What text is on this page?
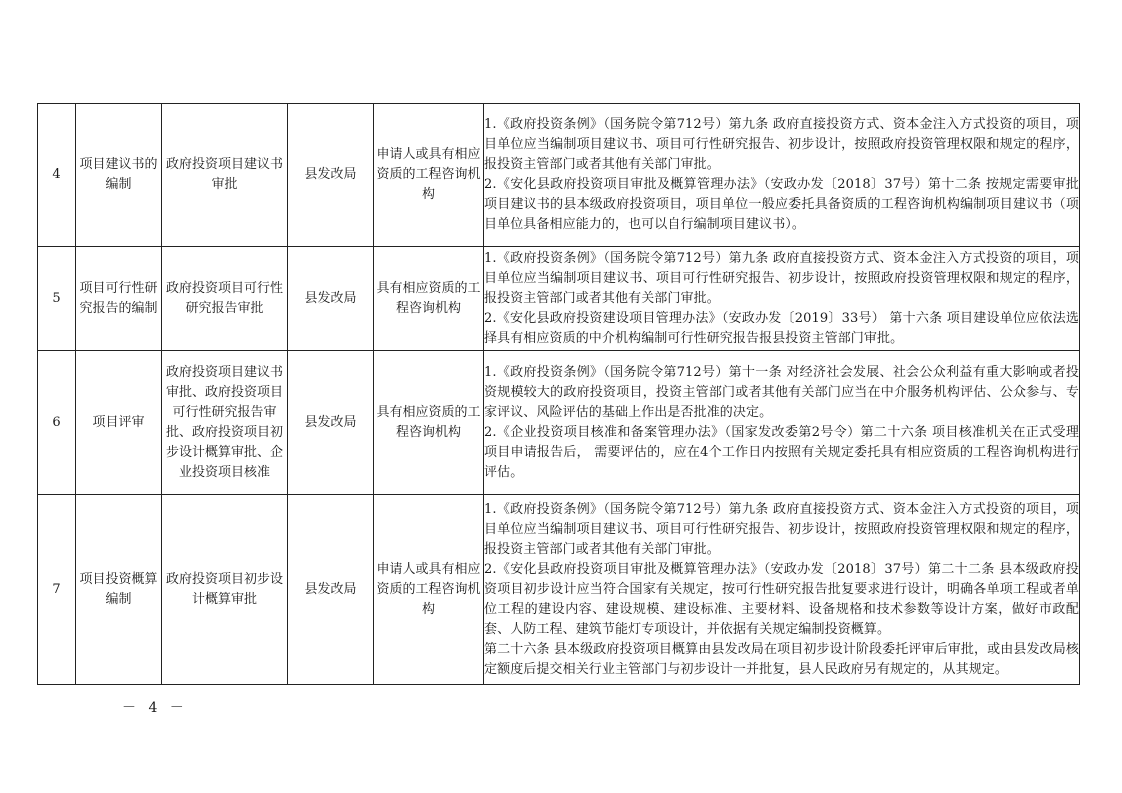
4	项目建议书的编制	政府投资项目建议书审批	县发改局	申请人或具有相应资质的工程咨询机构	1.《政府投资条例》（国务院令第712号）第九条 政府直接投资方式、资本金注入方式投资的项目，项目单位应当编制项目建议书、项目可行性研究报告、初步设计，按照政府投资管理权限和规定的程序，报投资主管部门或者其他有关部门审批。

2.《安化县政府投资项目审批及概算管理办法》（安政办发〔2018〕37号）第十二条 按规定需要审批项目建议书的县本级政府投资项目，项目单位一般应委托具备资质的工程咨询机构编制项目建议书（项目单位具备相应能力的，也可以自行编制项目建议书）。

5	项目可行性研究报告的编制	政府投资项目可行性研究报告审批	县发改局	具有相应资质的工程咨询机构	1.《政府投资条例》（国务院令第712号）第九条 政府直接投资方式、资本金注入方式投资的项目，项目单位应当编制项目建议书、项目可行性研究报告、初步设计，按照政府投资管理权限和规定的程序，报投资主管部门或者其他有关部门审批。

2.《安化县政府投资建设项目管理办法》（安政办发〔2019〕33号） 第十六条 项目建设单位应依法选择具有相应资质的中介机构编制可行性研究报告报县投资主管部门审批。

6	项目评审	政府投资项目建议书审批、政府投资项目可行性研究报告审批、政府投资项目初步设计概算审批、企业投资项目核准	县发改局	具有相应资质的工程咨询机构	1.《政府投资条例》（国务院令第712号）第十一条 对经济社会发展、社会公众利益有重大影响或者投资规模较大的政府投资项目，投资主管部门或者其他有关部门应当在中介服务机构评估、公众参与、专家评议、风险评估的基础上作出是否批准的决定。

2.《企业投资项目核准和备案管理办法》（国家发改委第2号令）第二十六条 项目核准机关在正式受理项目申请报告后， 需要评估的，应在4个工作日内按照有关规定委托具有相应资质的工程咨询机构进行评估。

7	项目投资概算编制	政府投资项目初步设计概算审批	县发改局	申请人或具有相应资质的工程咨询机构	1.《政府投资条例》（国务院令第712号）第九条 政府直接投资方式、资本金注入方式投资的项目，项目单位应当编制项目建议书、项目可行性研究报告、初步设计，按照政府投资管理权限和规定的程序，报投资主管部门或者其他有关部门审批。

2.《安化县政府投资项目审批及概算管理办法》（安政办发〔2018〕37号）第二十二条 县本级政府投资项目初步设计应当符合国家有关规定，按可行性研究报告批复要求进行设计，明确各单项工程或者单位工程的建设内容、建设规模、建设标准、主要材料、设备规格和技术参数等设计方案，做好市政配套、人防工程、建筑节能灯专项设计，并依据有关规定编制投资概算。

第二十六条 县本级政府投资项目概算由县发改局在项目初步设计阶段委托评审后审批，或由县发改局核定额度后提交相关行业主管部门与初步设计一并批复，县人民政府另有规定的，从其规定。

－ 4 －
